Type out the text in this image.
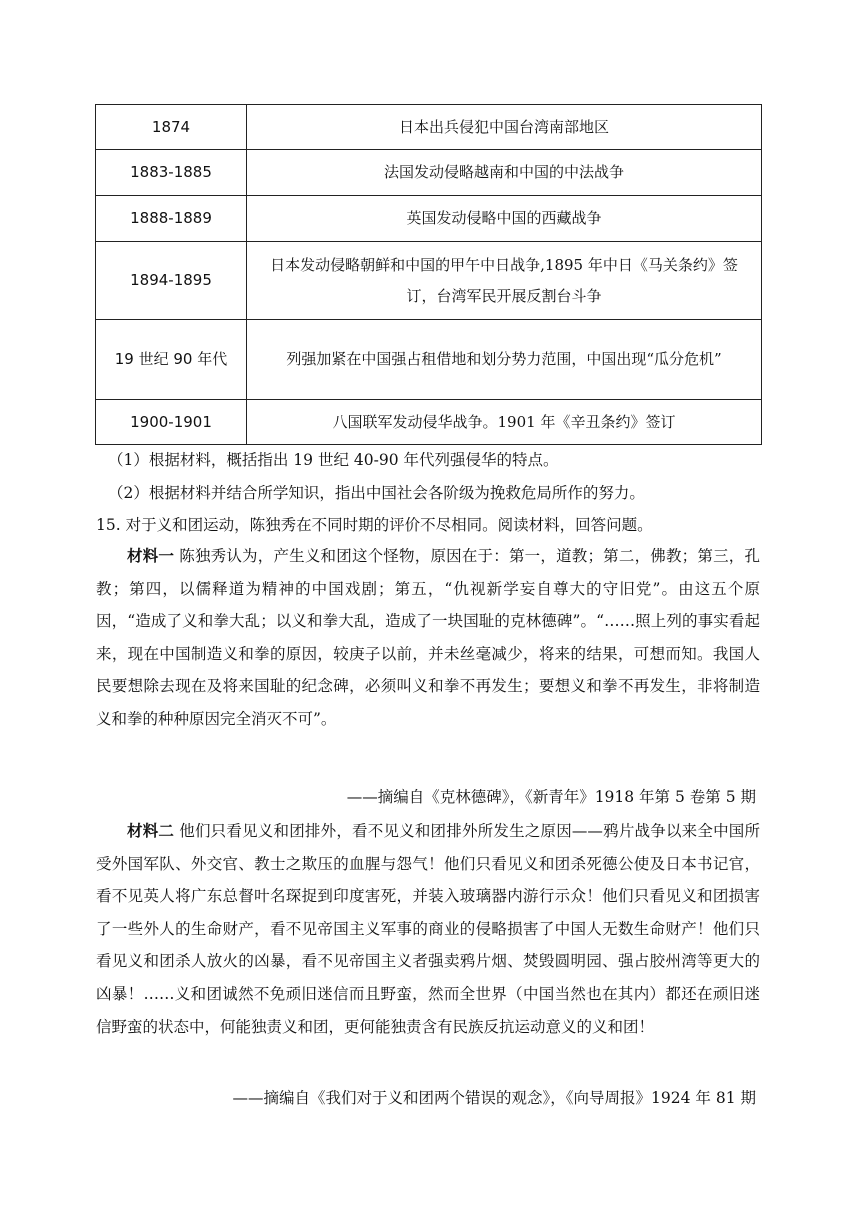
1874	日本出兵侵犯中国台湾南部地区
1883-1885	法国发动侵略越南和中国的中法战争
1888-1889	英国发动侵略中国的西藏战争
1894-1895	日本发动侵略朝鲜和中国的甲午中日战争,1895 年中日《马关条约》签订，台湾军民开展反割台斗争
19 世纪 90 年代	列强加紧在中国强占租借地和划分势力范围，中国出现“瓜分危机”
1900-1901	八国联军发动侵华战争。1901 年《辛丑条约》签订
（1）根据材料，概括指出 19 世纪 40-90 年代列强侵华的特点。
（2）根据材料并结合所学知识，指出中国社会各阶级为挽救危局所作的努力。
15. 对于义和团运动，陈独秀在不同时期的评价不尽相同。阅读材料，回答问题。
材料一 陈独秀认为，产生义和团这个怪物，原因在于：第一，道教；第二，佛教；第三，孔教；第四，以儒释道为精神的中国戏剧；第五，“仇视新学妄自尊大的守旧党”。由这五个原因，“造成了义和拳大乱；以义和拳大乱，造成了一块国耻的克林德碑”。“……照上列的事实看起来，现在中国制造义和拳的原因，较庚子以前，并未丝毫减少，将来的结果，可想而知。我国人民要想除去现在及将来国耻的纪念碑，必须叫义和拳不再发生；要想义和拳不再发生，非将制造义和拳的种种原因完全消灭不可”。
——摘编自《克林德碑》，《新青年》1918 年第 5 卷第 5 期
材料二 他们只看见义和团排外，看不见义和团排外所发生之原因——鸦片战争以来全中国所受外国军队、外交官、教士之欺压的血腥与怨气！他们只看见义和团杀死德公使及日本书记官，看不见英人将广东总督叶名琛捉到印度害死，并装入玻璃器内游行示众！他们只看见义和团损害了一些外人的生命财产，看不见帝国主义军事的商业的侵略损害了中国人无数生命财产！他们只看见义和团杀人放火的凶暴，看不见帝国主义者强卖鸦片烟、焚毁圆明园、强占胶州湾等更大的凶暴！……义和团诚然不免顽旧迷信而且野蛮，然而全世界（中国当然也在其内）都还在顽旧迷信野蛮的状态中，何能独责义和团，更何能独责含有民族反抗运动意义的义和团！
——摘编自《我们对于义和团两个错误的观念》，《向导周报》1924 年 81 期
